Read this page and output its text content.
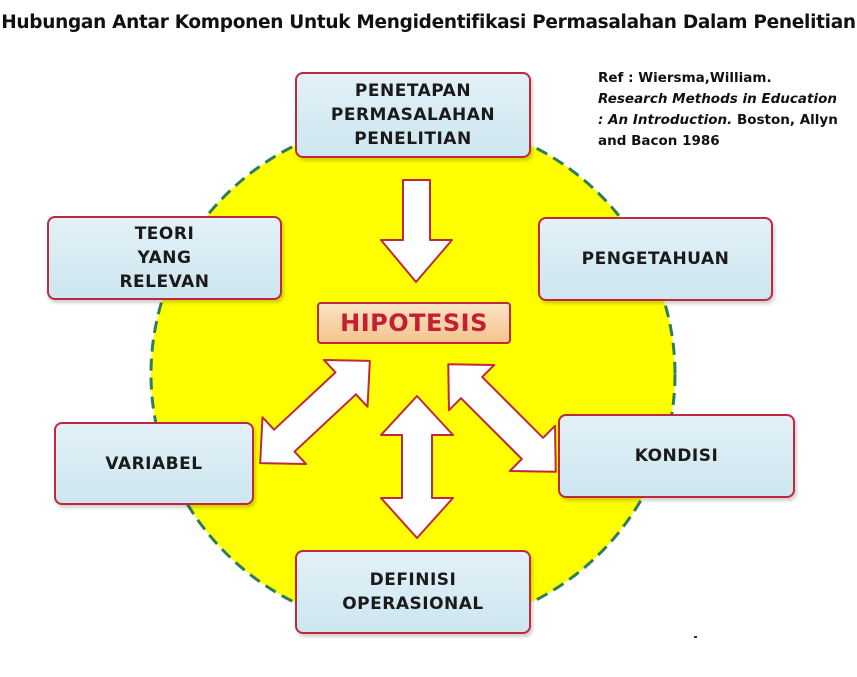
Hubungan Antar Komponen Untuk Mengidentifikasi Permasalahan Dalam Penelitian
Ref : Wiersma,William. Research Methods in Education : An Introduction. Boston, Allyn and Bacon 1986
PENETAPAN
PERMASALAHAN
PENELITIAN
TEORI
YANG
RELEVAN
PENGETAHUAN
HIPOTESIS
VARIABEL	KONDISI
DEFINISI
OPERASIONAL
